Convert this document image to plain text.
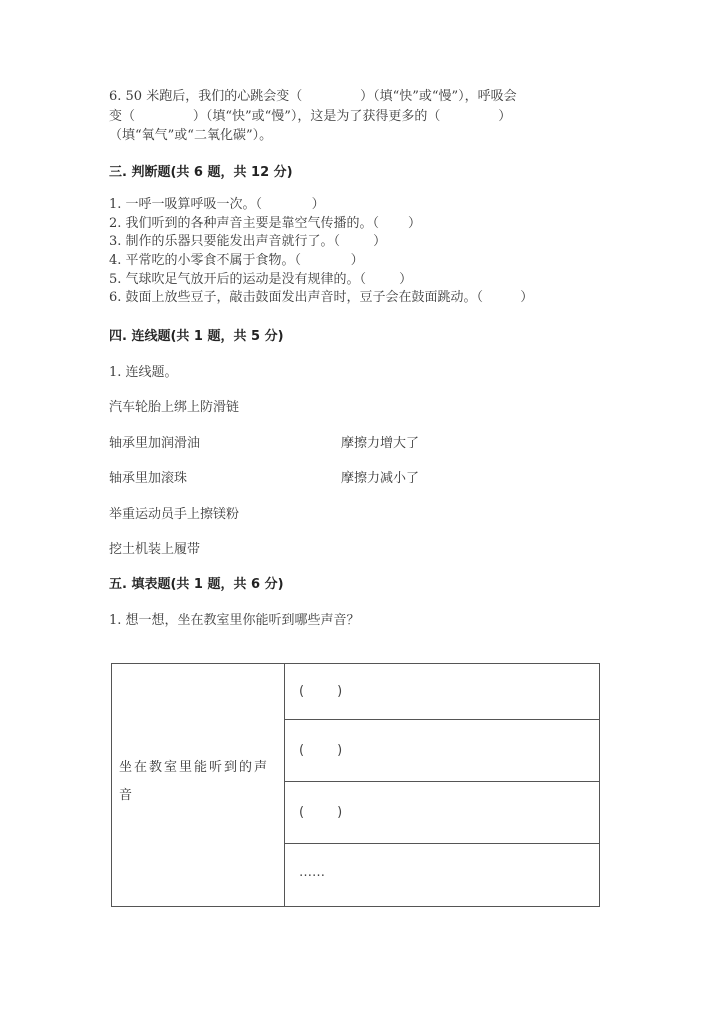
6. 50 米跑后，我们的心跳会变（              ）（填“快”或“慢”），呼吸会
变（              ）（填“快”或“慢”），这是为了获得更多的（              ）
（填“氧气”或“二氧化碳”）。
三. 判断题(共 6 题，共 12 分)
1. 一呼一吸算呼吸一次。（            ）
2. 我们听到的各种声音主要是靠空气传播的。（       ）
3. 制作的乐器只要能发出声音就行了。（        ）
4. 平常吃的小零食不属于食物。（            ）
5. 气球吹足气放开后的运动是没有规律的。（        ）
6. 鼓面上放些豆子，敲击鼓面发出声音时，豆子会在鼓面跳动。（         ）
四. 连线题(共 1 题，共 5 分)
1. 连线题。
汽车轮胎上绑上防滑链
轴承里加润滑油	摩擦力增大了
轴承里加滚珠	摩擦力减小了
举重运动员手上擦镁粉
挖土机装上履带
五. 填表题(共 1 题，共 6 分)
1. 想一想，坐在教室里你能听到哪些声音？
坐在教室里能听到的声音
(        )
(        )
(        )
……
